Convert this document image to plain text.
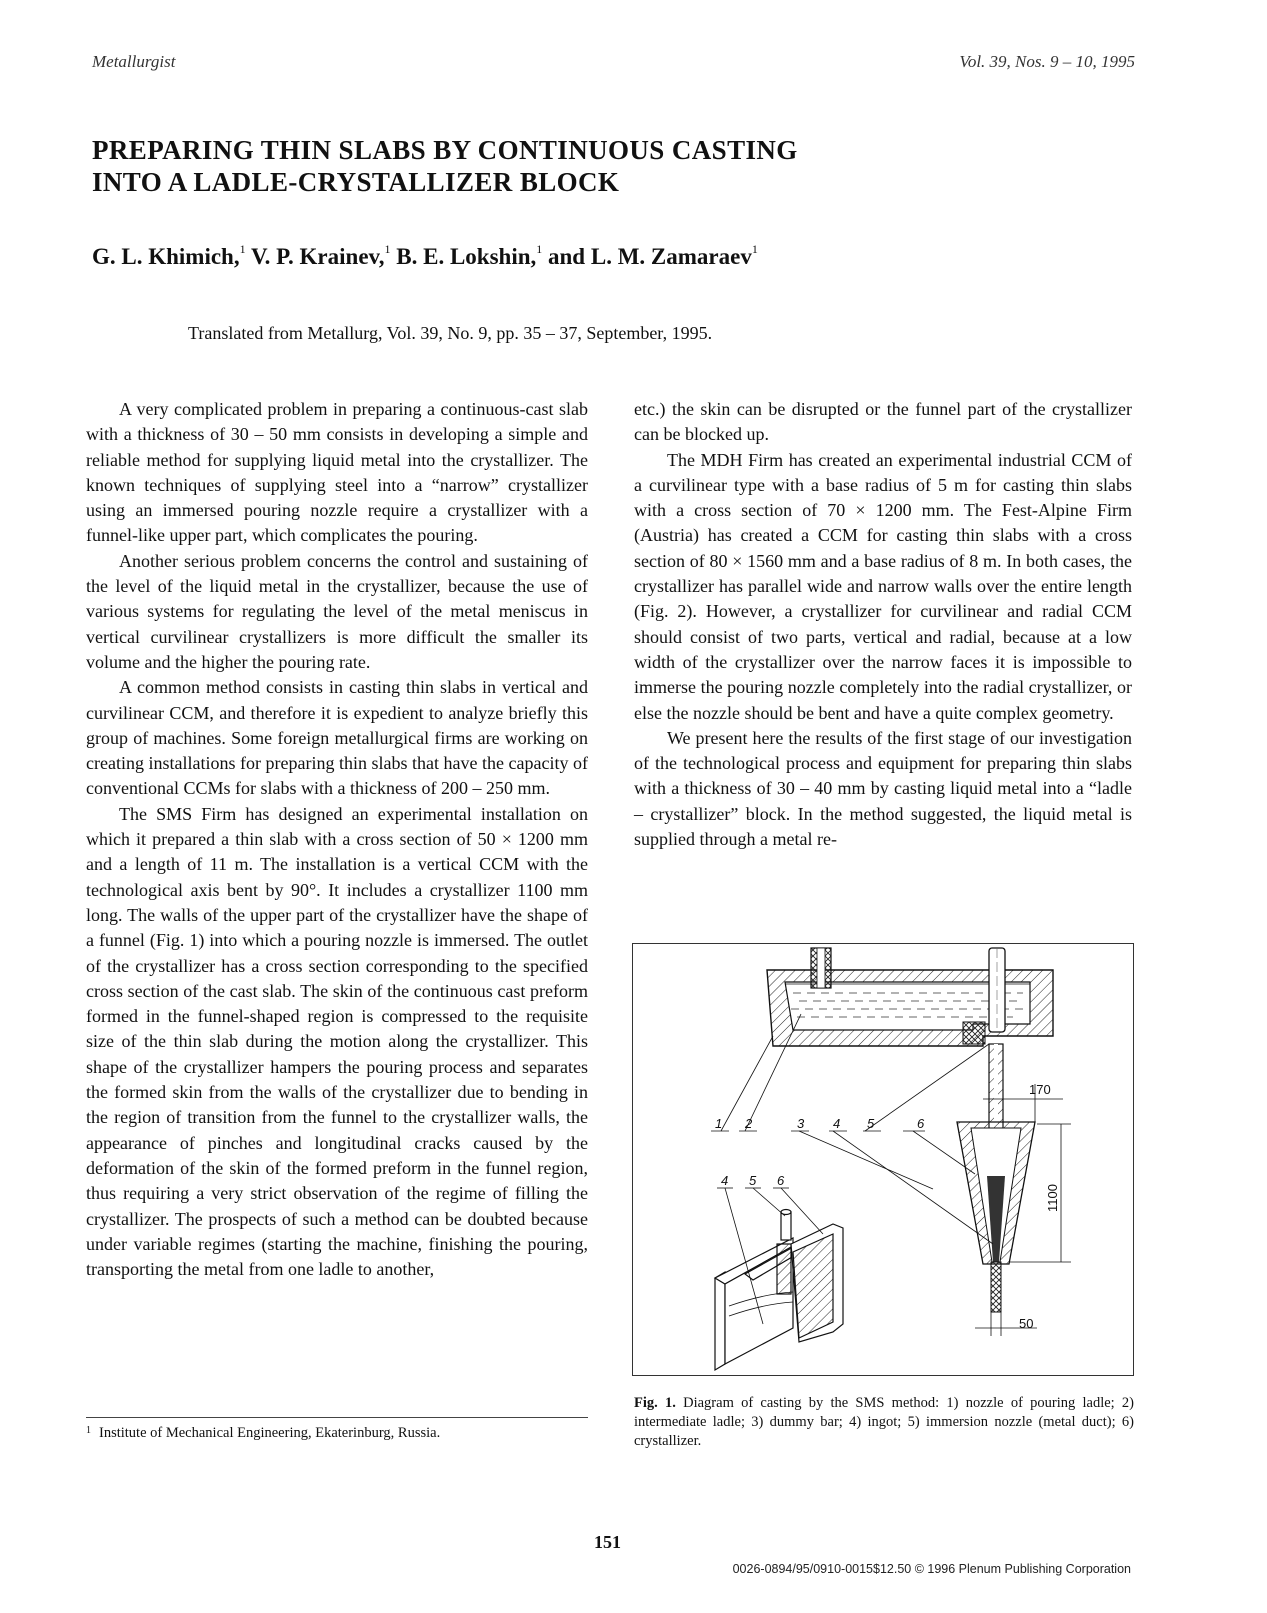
Metallurgist	Vol. 39, Nos. 9 – 10, 1995
PREPARING THIN SLABS BY CONTINUOUS CASTING
INTO A LADLE-CRYSTALLIZER BLOCK
G. L. Khimich,$^1$ V. P. Krainev,$^1$ B. E. Lokshin,$^1$ and L. M. Zamaraev$^1$
Translated from Metallurg, Vol. 39, No. 9, pp. 35 – 37, September, 1995.

A very complicated problem in preparing a continuous-cast slab with a thickness of 30 – 50 mm consists in developing a simple and reliable method for supplying liquid metal into the crystallizer. The known techniques of supplying steel into a “narrow” crystallizer using an immersed pouring nozzle require a crystallizer with a funnel-like upper part, which complicates the pouring.

Another serious problem concerns the control and sustaining of the level of the liquid metal in the crystallizer, because the use of various systems for regulating the level of the metal meniscus in vertical curvilinear crystallizers is more difficult the smaller its volume and the higher the pouring rate.

A common method consists in casting thin slabs in vertical and curvilinear CCM, and therefore it is expedient to analyze briefly this group of machines. Some foreign metallurgical firms are working on creating installations for preparing thin slabs that have the capacity of conventional CCMs for slabs with a thickness of 200 – 250 mm.

The SMS Firm has designed an experimental installation on which it prepared a thin slab with a cross section of 50 × 1200 mm and a length of 11 m. The installation is a vertical CCM with the technological axis bent by 90°. It includes a crystallizer 1100 mm long. The walls of the upper part of the crystallizer have the shape of a funnel (Fig. 1) into which a pouring nozzle is immersed. The outlet of the crystallizer has a cross section corresponding to the specified cross section of the cast slab. The skin of the continuous cast preform formed in the funnel-shaped region is compressed to the requisite size of the thin slab during the motion along the crystallizer. This shape of the crystallizer hampers the pouring process and separates the formed skin from the walls of the crystallizer due to bending in the region of transition from the funnel to the crystallizer walls, the appearance of pinches and longitudinal cracks caused by the deformation of the skin of the formed preform in the funnel region, thus requiring a very strict observation of the regime of filling the crystallizer. The prospects of such a method can be doubted because under variable regimes (starting the machine, finishing the pouring, transporting the metal from one ladle to another,

etc.) the skin can be disrupted or the funnel part of the crystallizer can be blocked up.

The MDH Firm has created an experimental industrial CCM of a curvilinear type with a base radius of 5 m for casting thin slabs with a cross section of 70 × 1200 mm. The Fest-Alpine Firm (Austria) has created a CCM for casting thin slabs with a cross section of 80 × 1560 mm and a base radius of 8 m. In both cases, the crystallizer has parallel wide and narrow walls over the entire length (Fig. 2). However, a crystallizer for curvilinear and radial CCM should consist of two parts, vertical and radial, because at a low width of the crystallizer over the narrow faces it is impossible to immerse the pouring nozzle completely into the radial crystallizer, or else the nozzle should be bent and have a quite complex geometry.

We present here the results of the first stage of our investigation of the technological process and equipment for preparing thin slabs with a thickness of 30 – 40 mm by casting liquid metal into a “ladle – crystallizer” block. In the method suggested, the liquid metal is supplied through a metal re-

$^1$ Institute of Mechanical Engineering, Ekaterinburg, Russia.
170
1100
50
1 2	3 4 5	6
4 5 6
Fig. 1. Diagram of casting by the SMS method: 1) nozzle of pouring ladle; 2) intermediate ladle; 3) dummy bar; 4) ingot; 5) immersion nozzle (metal duct); 6) crystallizer.
151
0026-0894/95/0910-0015$12.50 © 1996 Plenum Publishing Corporation
